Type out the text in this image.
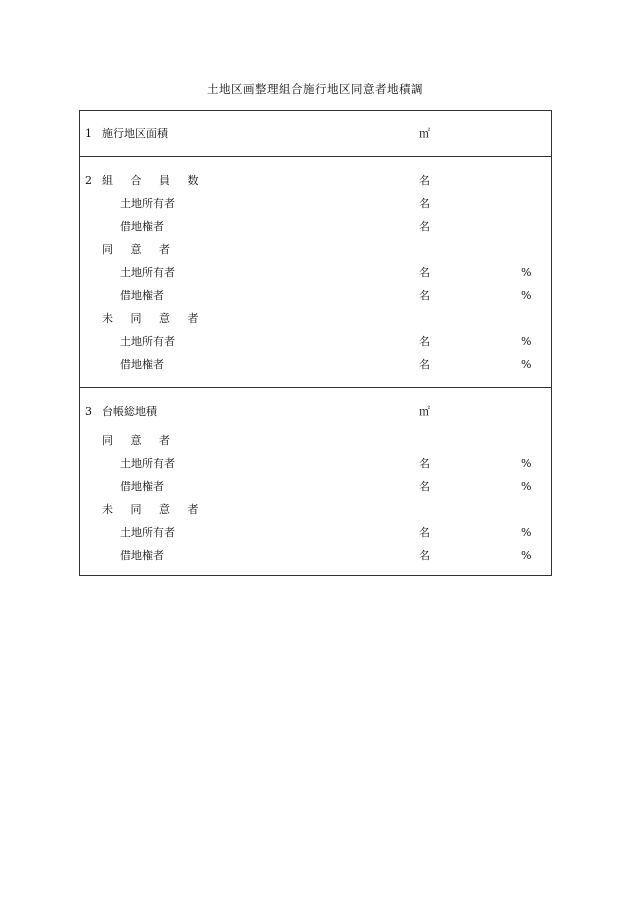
土地区画整理組合施行地区同意者地積調
1 施行地区面積	㎡
2 組 合 員 数	名
土地所有者	名
借地権者	名
同 意 者
土地所有者	名	%
借地権者	名	%
未 同 意 者
土地所有者	名	%
借地権者	名	%
3 台帳総地積	㎡
同 意 者
土地所有者	名	%
借地権者	名	%
未 同 意 者
土地所有者	名	%
借地権者	名	%
